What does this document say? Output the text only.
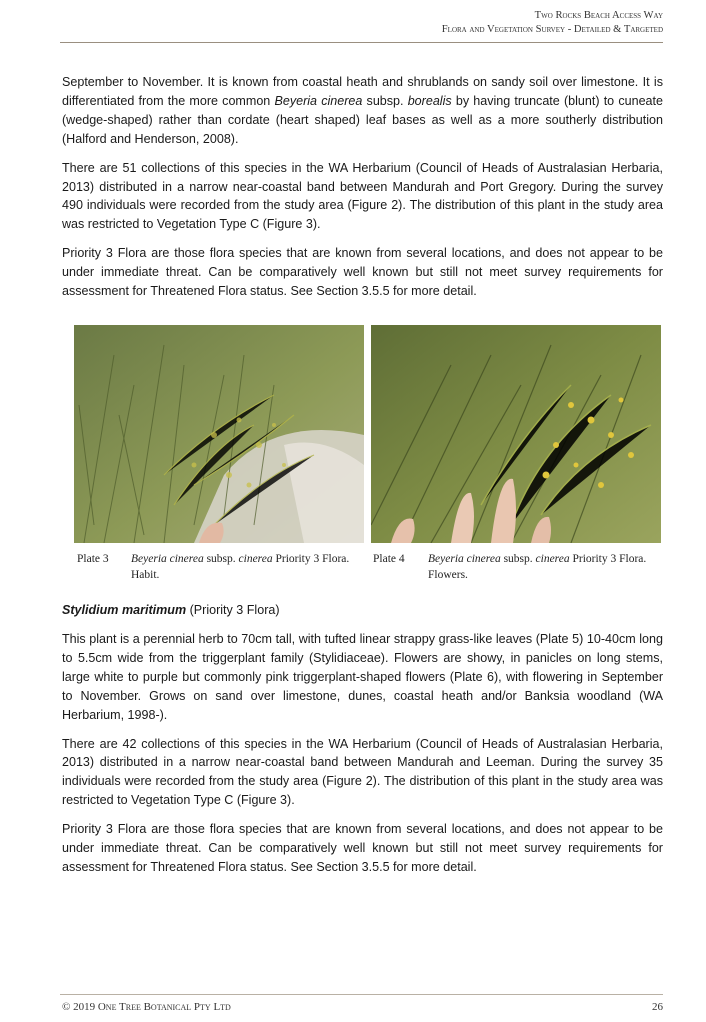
Two Rocks Beach Access Way
Flora and Vegetation Survey - Detailed & Targeted

September to November. It is known from coastal heath and shrublands on sandy soil over limestone. It is differentiated from the more common Beyeria cinerea subsp. borealis by having truncate (blunt) to cuneate (wedge-shaped) rather than cordate (heart shaped) leaf bases as well as a more southerly distribution (Halford and Henderson, 2008).

There are 51 collections of this species in the WA Herbarium (Council of Heads of Australasian Herbaria, 2013) distributed in a narrow near-coastal band between Mandurah and Port Gregory. During the survey 490 individuals were recorded from the study area (Figure 2). The distribution of this plant in the study area was restricted to Vegetation Type C (Figure 3).

Priority 3 Flora are those flora species that are known from several locations, and does not appear to be under immediate threat. Can be comparatively well known but still not meet survey requirements for assessment for Threatened Flora status. See Section 3.5.5 for more detail.

Plate 3 Beyeria cinerea subsp. cinerea Priority 3 Flora. Habit.
Plate 4 Beyeria cinerea subsp. cinerea Priority 3 Flora. Flowers.
Stylidium maritimum (Priority 3 Flora)

This plant is a perennial herb to 70cm tall, with tufted linear strappy grass-like leaves (Plate 5) 10-40cm long to 5.5cm wide from the triggerplant family (Stylidiaceae). Flowers are showy, in panicles on long stems, large white to purple but commonly pink triggerplant-shaped flowers (Plate 6), with flowering in September to November. Grows on sand over limestone, dunes, coastal heath and/or Banksia woodland (WA Herbarium, 1998-).

There are 42 collections of this species in the WA Herbarium (Council of Heads of Australasian Herbaria, 2013) distributed in a narrow near-coastal band between Mandurah and Leeman. During the survey 35 individuals were recorded from the study area (Figure 2). The distribution of this plant in the study area was restricted to Vegetation Type C (Figure 3).

Priority 3 Flora are those flora species that are known from several locations, and does not appear to be under immediate threat. Can be comparatively well known but still not meet survey requirements for assessment for Threatened Flora status. See Section 3.5.5 for more detail.

© 2019 One Tree Botanical Pty Ltd	26
